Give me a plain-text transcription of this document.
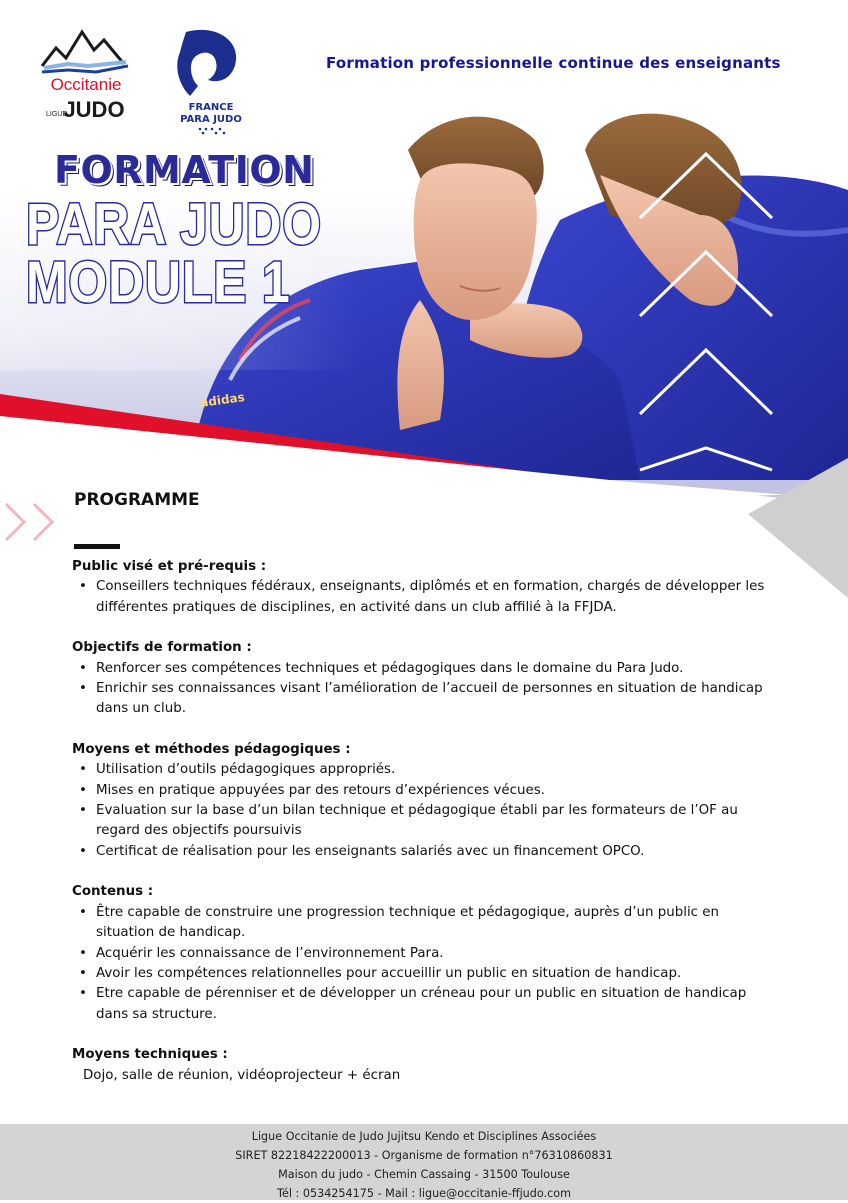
adidas
Occitanie
LIGUE
JUDO	FRANCE
PARA JUDO
Formation professionnelle continue des enseignants
FORMATION
PARA JUDO
MODULE 1
PROGRAMME
Public visé et pré-requis :
• Conseillers techniques fédéraux, enseignants, diplômés et en formation, chargés de développer les différentes pratiques de disciplines, en activité dans un club affilié à la FFJDA.
Objectifs de formation :
• Renforcer ses compétences techniques et pédagogiques dans le domaine du Para Judo.
• Enrichir ses connaissances visant l’amélioration de l’accueil de personnes en situation de handicap dans un club.
Moyens et méthodes pédagogiques :
• Utilisation d’outils pédagogiques appropriés.
• Mises en pratique appuyées par des retours d’expériences vécues.
• Evaluation sur la base d’un bilan technique et pédagogique établi par les formateurs de l’OF au regard des objectifs poursuivis
• Certificat de réalisation pour les enseignants salariés avec un financement OPCO.
Contenus :
• Être capable de construire une progression technique et pédagogique, auprès d’un public en situation de handicap.
• Acquérir les connaissance de l’environnement Para.
• Avoir les compétences relationnelles pour accueillir un public en situation de handicap.
• Etre capable de pérenniser et de développer un créneau pour un public en situation de handicap dans sa structure.
Moyens techniques :
Dojo, salle de réunion, vidéoprojecteur + écran
Ligue Occitanie de Judo Jujitsu Kendo et Disciplines Associées
SIRET 82218422200013 - Organisme de formation n°76310860831
Maison du judo - Chemin Cassaing - 31500 Toulouse
Tél : 0534254175 - Mail : ligue@occitanie-ffjudo.com
